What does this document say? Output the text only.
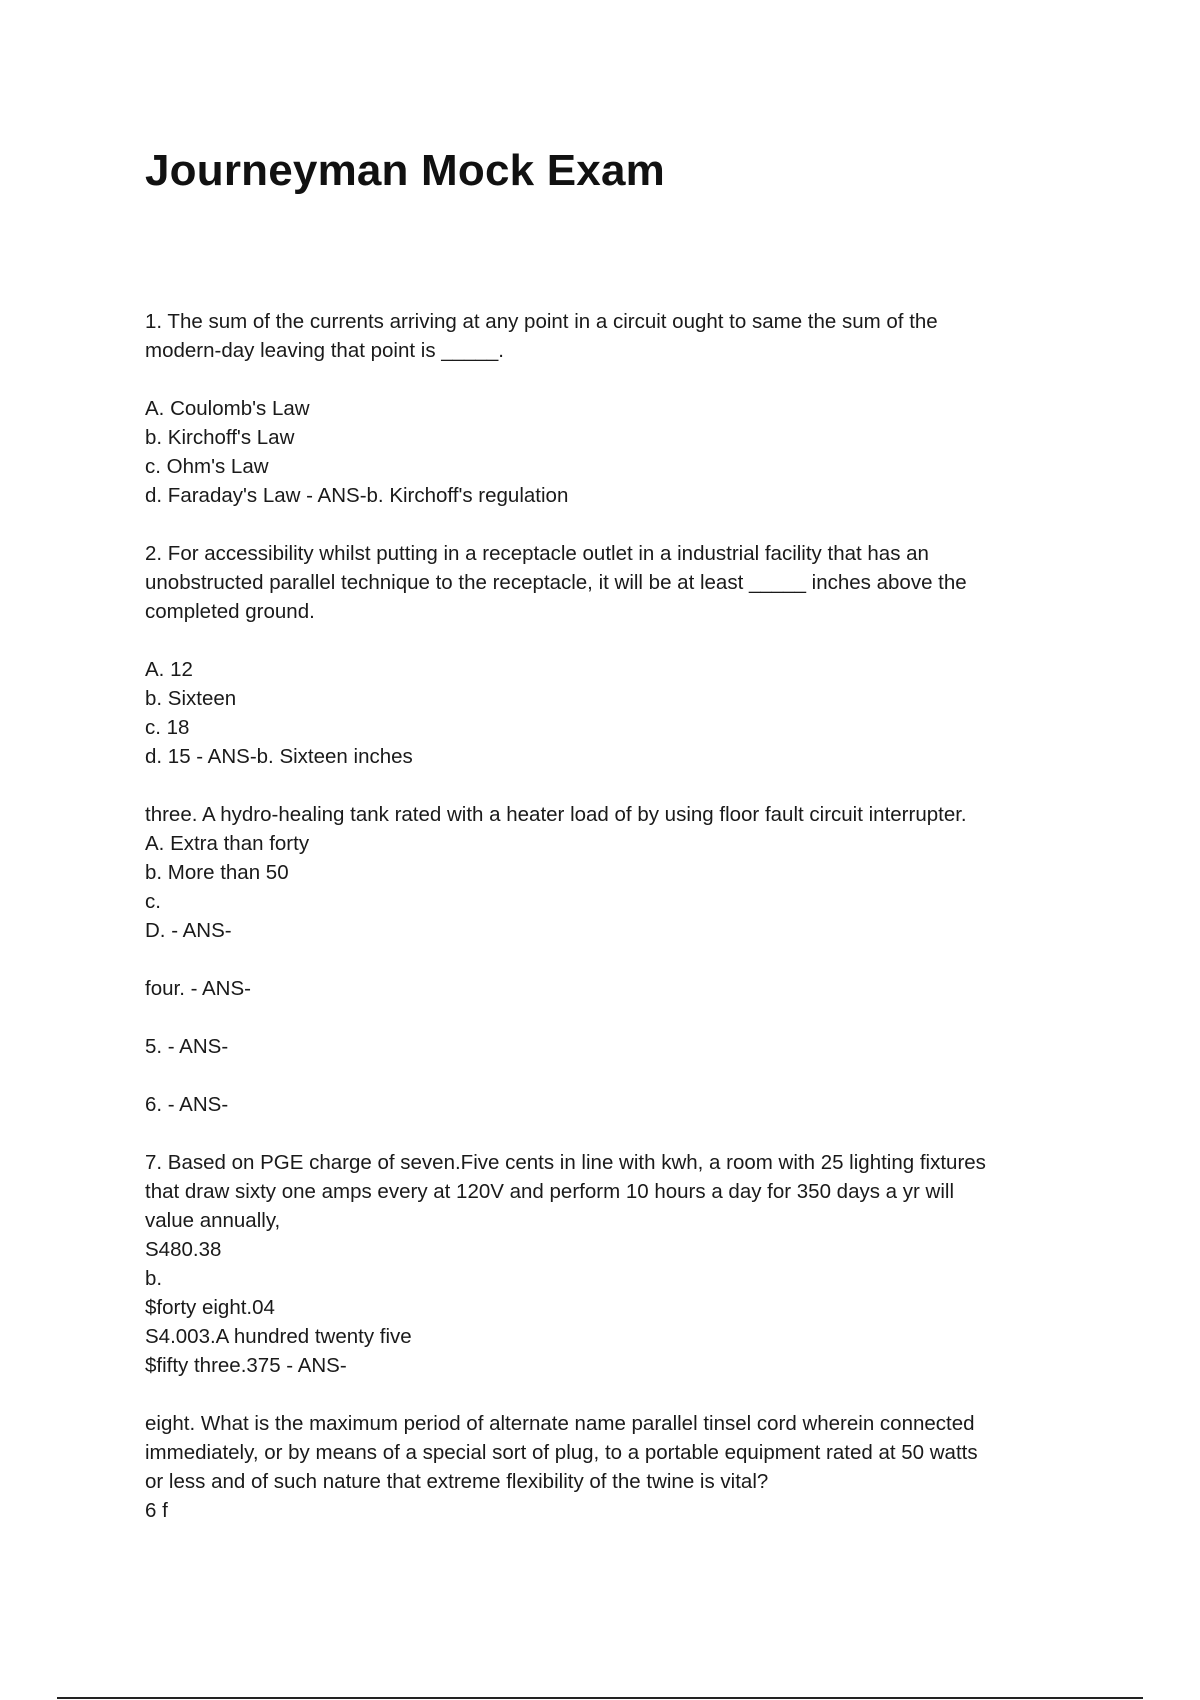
Journeyman Mock Exam
1. The sum of the currents arriving at any point in a circuit ought to same the sum of the
modern-day leaving that point is _____.
A. Coulomb's Law
b. Kirchoff's Law
c. Ohm's Law
d. Faraday's Law - ANS-b. Kirchoff's regulation
2. For accessibility whilst putting in a receptacle outlet in a industrial facility that has an
unobstructed parallel technique to the receptacle, it will be at least _____ inches above the
completed ground.
A. 12
b. Sixteen
c. 18
d. 15 - ANS-b. Sixteen inches
three. A hydro-healing tank rated with a heater load of by using floor fault circuit interrupter.
A. Extra than forty
b. More than 50
c.
D. - ANS-
four. - ANS-
5. - ANS-
6. - ANS-
7. Based on PGE charge of seven.Five cents in line with kwh, a room with 25 lighting fixtures
that draw sixty one amps every at 120V and perform 10 hours a day for 350 days a yr will
value annually,
S480.38
b.
$forty eight.04
S4.003.A hundred twenty five
$fifty three.375 - ANS-
eight. What is the maximum period of alternate name parallel tinsel cord wherein connected
immediately, or by means of a special sort of plug, to a portable equipment rated at 50 watts
or less and of such nature that extreme flexibility of the twine is vital?
6 f
